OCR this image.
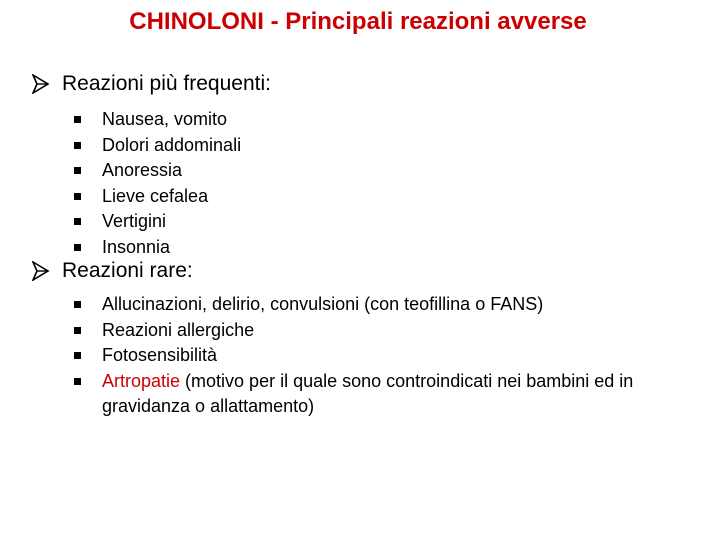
CHINOLONI - Principali reazioni avverse
Reazioni più frequenti:
Nausea, vomito
Dolori addominali
Anoressia
Lieve cefalea
Vertigini
Insonnia
Reazioni rare:
Allucinazioni, delirio, convulsioni (con teofillina o FANS)
Reazioni allergiche
Fotosensibilità
Artropatie (motivo per il quale sono controindicati nei bambini ed in gravidanza o allattamento)
